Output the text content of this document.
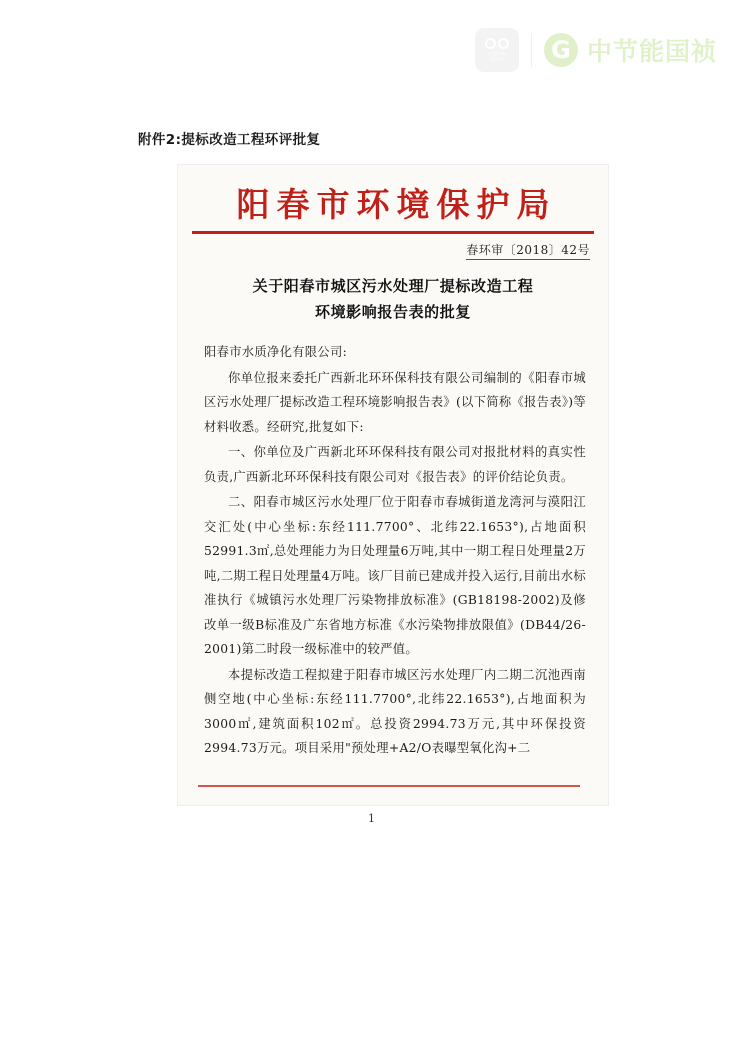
中国节能
CECEP G 中节能国祯
附件2:提标改造工程环评批复
阳春市环境保护局
春环审〔2018〕42号
关于阳春市城区污水处理厂提标改造工程
环境影响报告表的批复

阳春市水质净化有限公司:

你单位报来委托广西新北环环保科技有限公司编制的《阳春市城区污水处理厂提标改造工程环境影响报告表》(以下简称《报告表》)等材料收悉。经研究,批复如下:

一、你单位及广西新北环环保科技有限公司对报批材料的真实性负责,广西新北环环保科技有限公司对《报告表》的评价结论负责。

二、阳春市城区污水处理厂位于阳春市春城街道龙湾河与漠阳江交汇处(中心坐标:东经111.7700°、北纬22.1653°),占地面积52991.3㎡,总处理能力为日处理量6万吨,其中一期工程日处理量2万吨,二期工程日处理量4万吨。该厂目前已建成并投入运行,目前出水标准执行《城镇污水处理厂污染物排放标准》(GB18198-2002)及修改单一级B标准及广东省地方标准《水污染物排放限值》(DB44/26-2001)第二时段一级标准中的较严值。

本提标改造工程拟建于阳春市城区污水处理厂内二期二沉池西南侧空地(中心坐标:东经111.7700°,北纬22.1653°),占地面积为3000㎡,建筑面积102㎡。总投资2994.73万元,其中环保投资2994.73万元。项目采用"预处理+A2/O表曝型氧化沟+二

1
